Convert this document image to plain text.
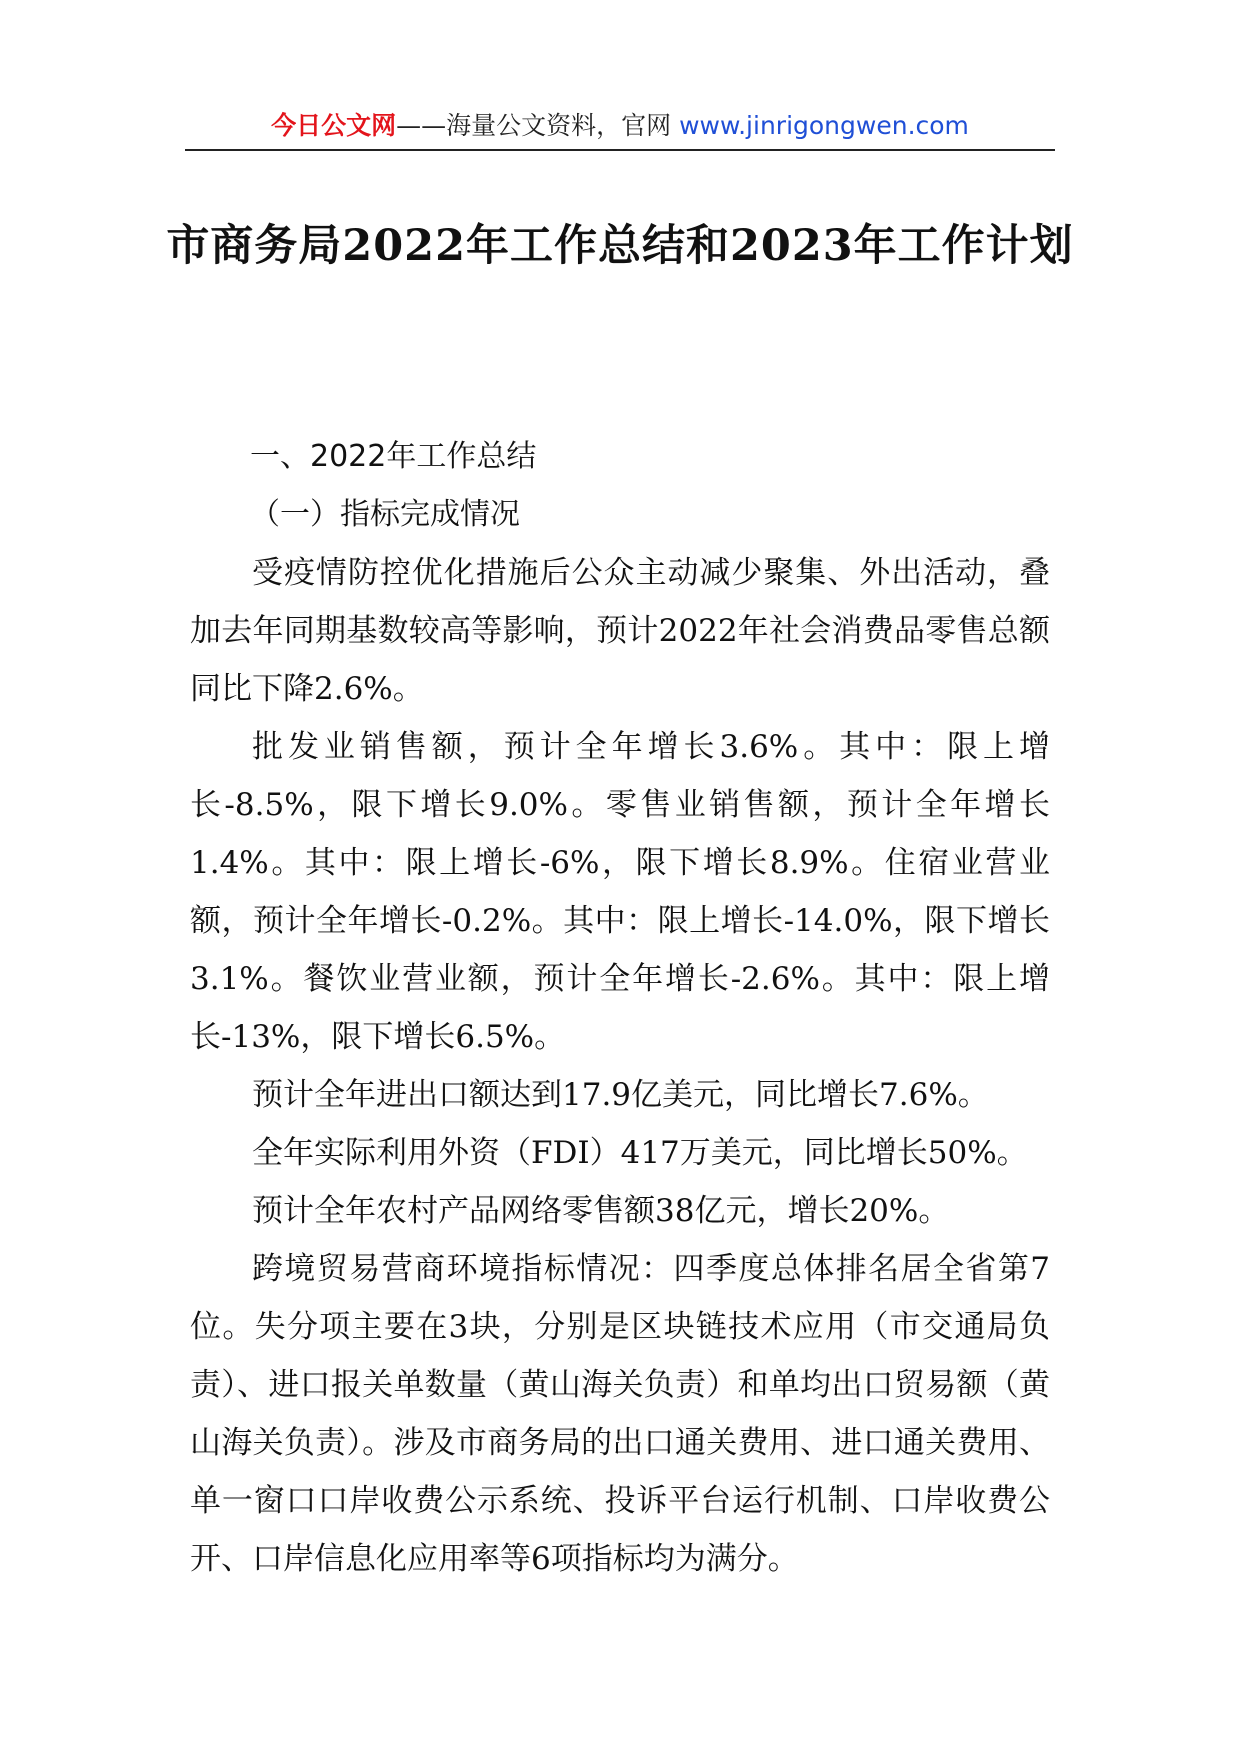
今日公文网——海量公文资料，官网 www.jinrigongwen.com
市商务局2022年工作总结和2023年工作计划

一、2022年工作总结

（一）指标完成情况

受疫情防控优化措施后公众主动减少聚集、外出活动，叠加去年同期基数较高等影响，预计2022年社会消费品零售总额同比下降2.6%。

批发业销售额，预计全年增长3.6%。其中：限上增长-8.5%，限下增长9.0%。零售业销售额，预计全年增长1.4%。其中：限上增长-6%，限下增长8.9%。住宿业营业额，预计全年增长-0.2%。其中：限上增长-14.0%，限下增长3.1%。餐饮业营业额，预计全年增长-2.6%。其中：限上增长-13%，限下增长6.5%。

预计全年进出口额达到17.9亿美元，同比增长7.6%。

全年实际利用外资（FDI）417万美元，同比增长50%。

预计全年农村产品网络零售额38亿元，增长20%。

跨境贸易营商环境指标情况：四季度总体排名居全省第7位。失分项主要在3块，分别是区块链技术应用（市交通局负责）、进口报关单数量（黄山海关负责）和单均出口贸易额（黄山海关负责）。涉及市商务局的出口通关费用、进口通关费用、单一窗口口岸收费公示系统、投诉平台运行机制、口岸收费公开、口岸信息化应用率等6项指标均为满分。
